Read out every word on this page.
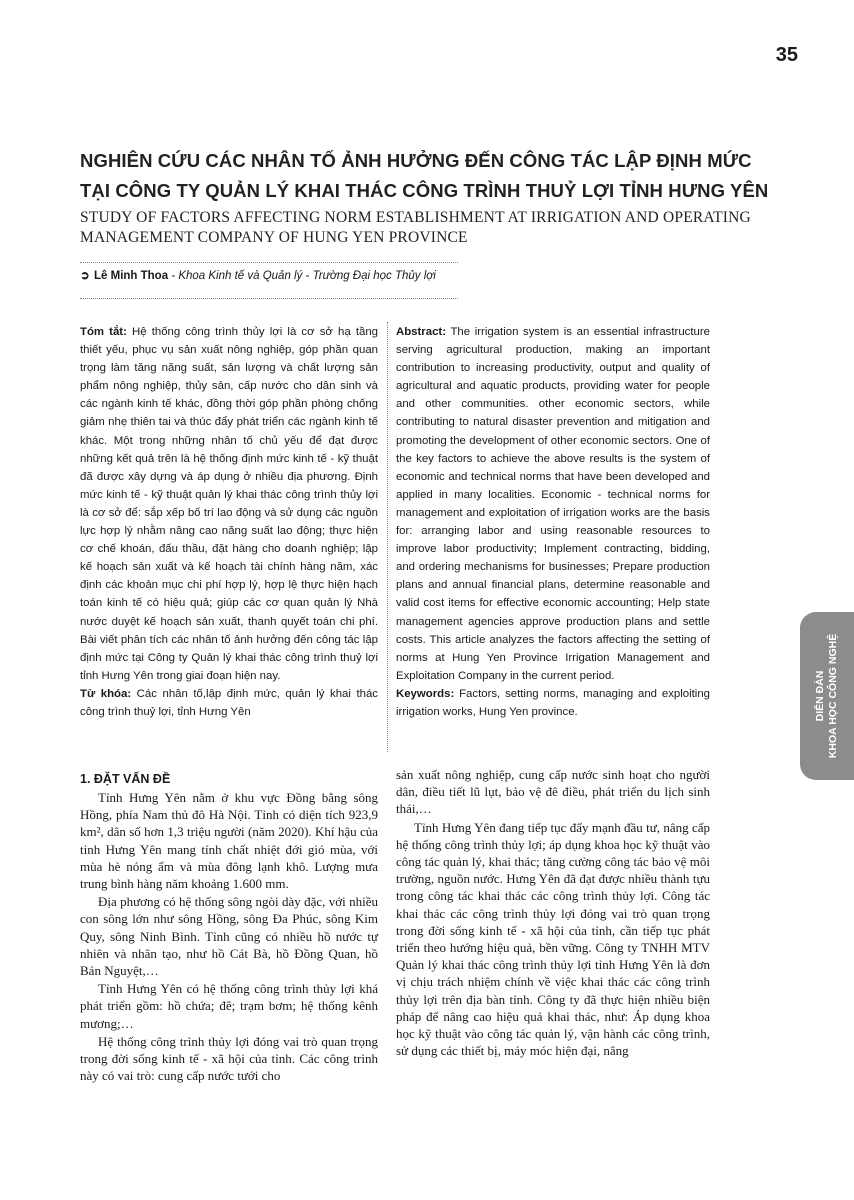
35
NGHIÊN CỨU CÁC NHÂN TỐ ẢNH HƯỞNG ĐẾN CÔNG TÁC LẬP ĐỊNH MỨC TẠI CÔNG TY QUẢN LÝ KHAI THÁC CÔNG TRÌNH THUỶ LỢI TỈNH HƯNG YÊN
STUDY OF FACTORS AFFECTING NORM ESTABLISHMENT AT IRRIGATION AND OPERATING MANAGEMENT COMPANY OF HUNG YEN PROVINCE
➲ Lê Minh Thoa - Khoa Kinh tế và Quản lý - Trường Đại học Thủy lợi

Tóm tắt: Hệ thống công trình thủy lợi là cơ sở hạ tầng thiết yếu, phục vụ sản xuất nông nghiệp, góp phần quan trọng làm tăng năng suất, sản lượng và chất lượng sản phẩm nông nghiệp, thủy sản, cấp nước cho dân sinh và các ngành kinh tế khác, đồng thời góp phần phòng chống giảm nhẹ thiên tai và thúc đẩy phát triển các ngành kinh tế khác. Một trong những nhân tố chủ yếu để đạt được những kết quả trên là hệ thống định mức kinh tế - kỹ thuật đã được xây dựng và áp dụng ở nhiều địa phương. Định mức kinh tế - kỹ thuật quản lý khai thác công trình thủy lợi là cơ sở để: sắp xếp bố trí lao động và sử dụng các nguồn lực hợp lý nhằm nâng cao năng suất lao động; thực hiện cơ chế khoán, đấu thầu, đặt hàng cho doanh nghiệp; lập kế hoạch sản xuất và kế hoạch tài chính hàng năm, xác định các khoản mục chi phí hợp lý, hợp lệ thực hiện hạch toán kinh tế có hiệu quả; giúp các cơ quan quản lý Nhà nước duyệt kế hoạch sản xuất, thanh quyết toán chi phí. Bài viết phân tích các nhân tố ảnh hưởng đến công tác lập định mức tại Công ty Quản lý khai thác công trình thuỷ lợi tỉnh Hưng Yên trong giai đoạn hiện nay.

Từ khóa: Các nhân tố,lập định mức, quản lý khai thác công trình thuỷ lợi, tỉnh Hưng Yên

Abstract: The irrigation system is an essential infrastructure serving agricultural production, making an important contribution to increasing productivity, output and quality of agricultural and aquatic products, providing water for people and other communities. other economic sectors, while contributing to natural disaster prevention and mitigation and promoting the development of other economic sectors. One of the key factors to achieve the above results is the system of economic and technical norms that have been developed and applied in many localities. Economic - technical norms for management and exploitation of irrigation works are the basis for: arranging labor and using reasonable resources to improve labor productivity; Implement contracting, bidding, and ordering mechanisms for businesses; Prepare production plans and annual financial plans, determine reasonable and valid cost items for effective economic accounting; Help state management agencies approve production plans and settle costs. This article analyzes the factors affecting the setting of norms at Hung Yen Province Irrigation Management and Exploitation Company in the current period.

Keywords: Factors, setting norms, managing and exploiting irrigation works, Hung Yen province.

1. ĐẶT VẤN ĐỀ

Tỉnh Hưng Yên nằm ở khu vực Đồng bằng sông Hồng, phía Nam thủ đô Hà Nội. Tỉnh có diện tích 923,9 km², dân số hơn 1,3 triệu người (năm 2020). Khí hậu của tỉnh Hưng Yên mang tính chất nhiệt đới gió mùa, với mùa hè nóng ẩm và mùa đông lạnh khô. Lượng mưa trung bình hàng năm khoảng 1.600 mm.

Địa phương có hệ thống sông ngòi dày đặc, với nhiều con sông lớn như sông Hồng, sông Đa Phúc, sông Kim Quy, sông Ninh Bình. Tỉnh cũng có nhiều hồ nước tự nhiên và nhân tạo, như hồ Cát Bà, hồ Đồng Quan, hồ Bán Nguyệt,…

Tỉnh Hưng Yên có hệ thống công trình thủy lợi khá phát triển gồm: hồ chứa; đê; trạm bơm; hệ thống kênh mương;…

Hệ thống công trình thủy lợi đóng vai trò quan trọng trong đời sống kinh tế - xã hội của tỉnh. Các công trình này có vai trò: cung cấp nước tưới cho

sản xuất nông nghiệp, cung cấp nước sinh hoạt cho người dân, điều tiết lũ lụt, bảo vệ đê điều, phát triển du lịch sinh thái,…

Tỉnh Hưng Yên đang tiếp tục đẩy mạnh đầu tư, nâng cấp hệ thống công trình thủy lợi; áp dụng khoa học kỹ thuật vào công tác quản lý, khai thác; tăng cường công tác bảo vệ môi trường, nguồn nước. Hưng Yên đã đạt được nhiều thành tựu trong công tác khai thác các công trình thủy lợi. Công tác khai thác các công trình thủy lợi đóng vai trò quan trọng trong đời sống kinh tế - xã hội của tỉnh, cần tiếp tục phát triển theo hướng hiệu quả, bền vững. Công ty TNHH MTV Quản lý khai thác công trình thủy lợi tỉnh Hưng Yên là đơn vị chịu trách nhiệm chính về việc khai thác các công trình thủy lợi trên địa bàn tỉnh. Công ty đã thực hiện nhiều biện pháp để nâng cao hiệu quả khai thác, như: Áp dụng khoa học kỹ thuật vào công tác quản lý, vận hành các công trình, sử dụng các thiết bị, máy móc hiện đại, nâng

DIỄN ĐÀN KHOA HỌC CÔNG NGHỆ
